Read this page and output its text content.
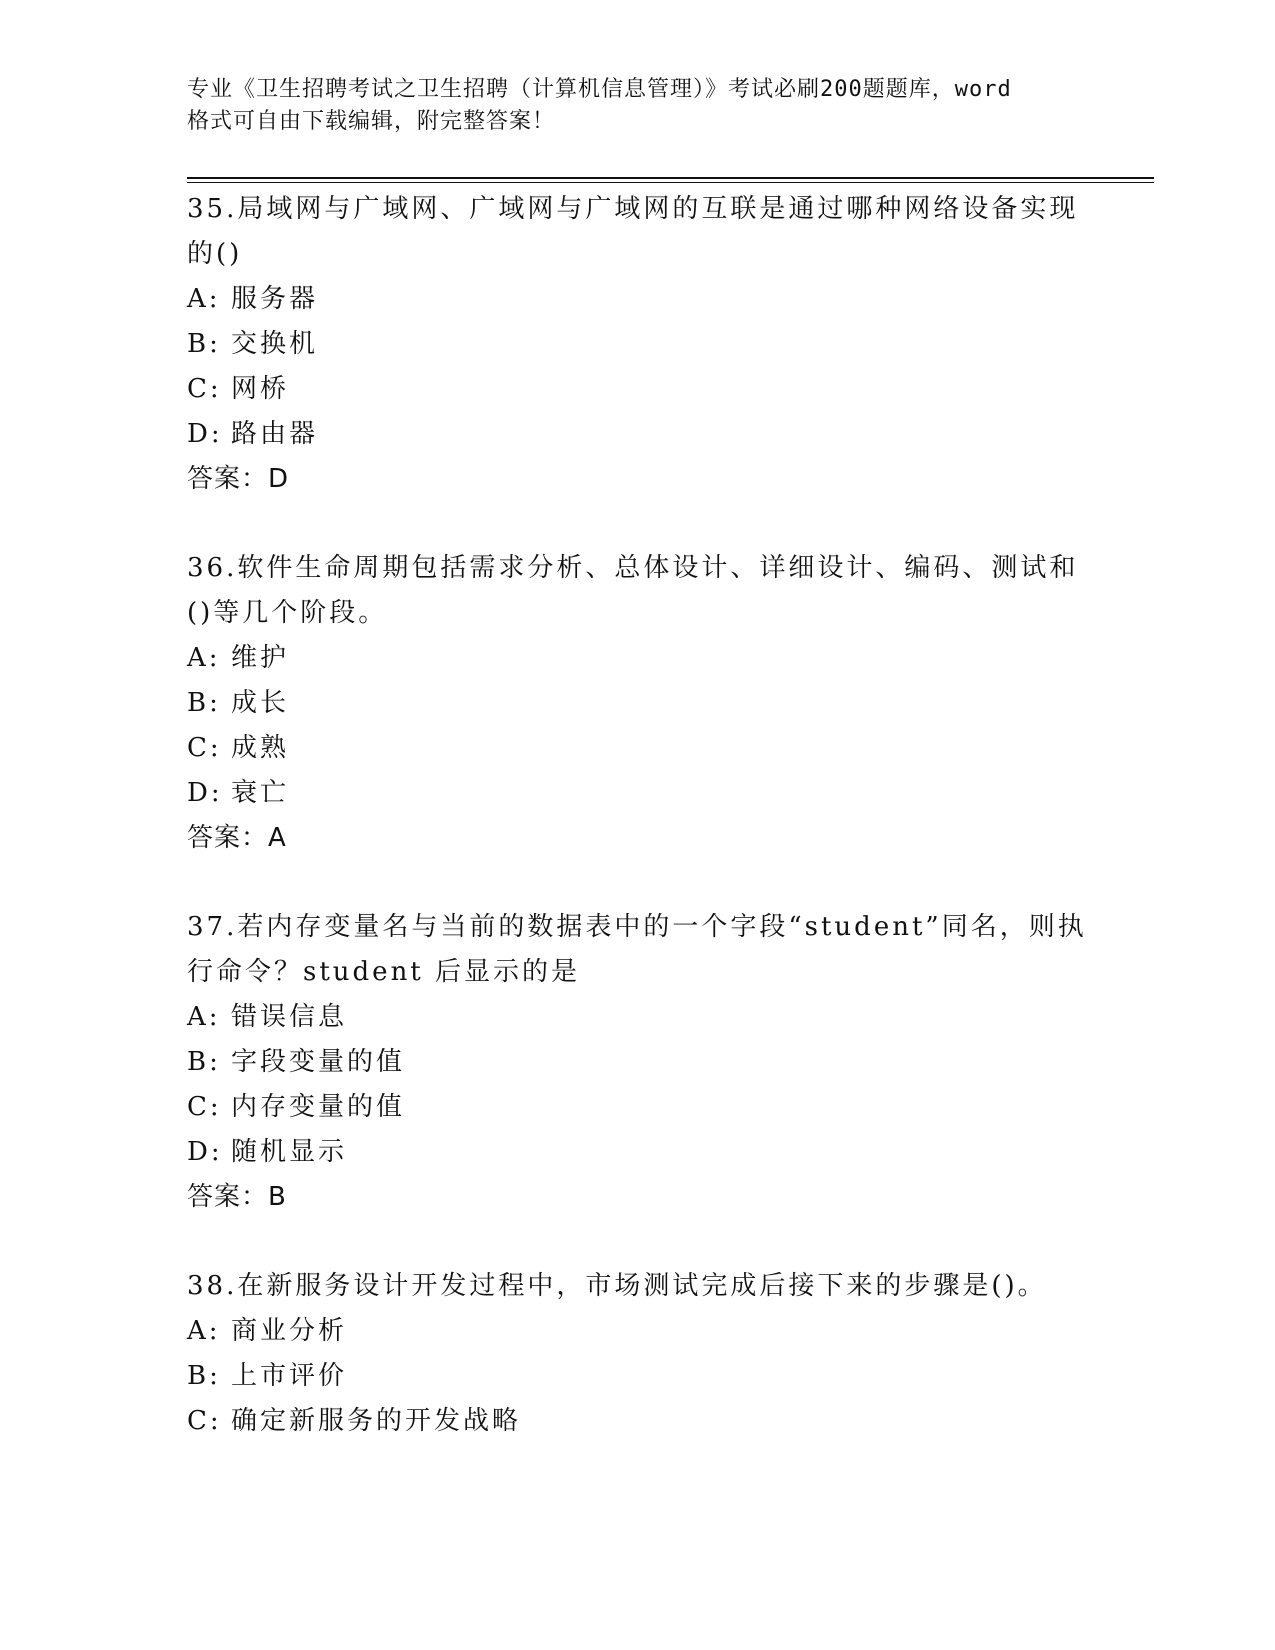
专业《卫生招聘考试之卫生招聘（计算机信息管理）》考试必刷200题题库，word
格式可自由下载编辑，附完整答案！

35.局域网与广域网、广域网与广域网的互联是通过哪种网络设备实现的()

A: 服务器
B: 交换机
C: 网桥
D: 路由器

答案：D

36.软件生命周期包括需求分析、总体设计、详细设计、编码、测试和()等几个阶段。

A: 维护
B: 成长
C: 成熟
D: 衰亡

答案：A

37.若内存变量名与当前的数据表中的一个字段“student”同名，则执行命令？student 后显示的是

A: 错误信息
B: 字段变量的值
C: 内存变量的值
D: 随机显示

答案：B

38.在新服务设计开发过程中，市场测试完成后接下来的步骤是()。

A: 商业分析
B: 上市评价
C: 确定新服务的开发战略
